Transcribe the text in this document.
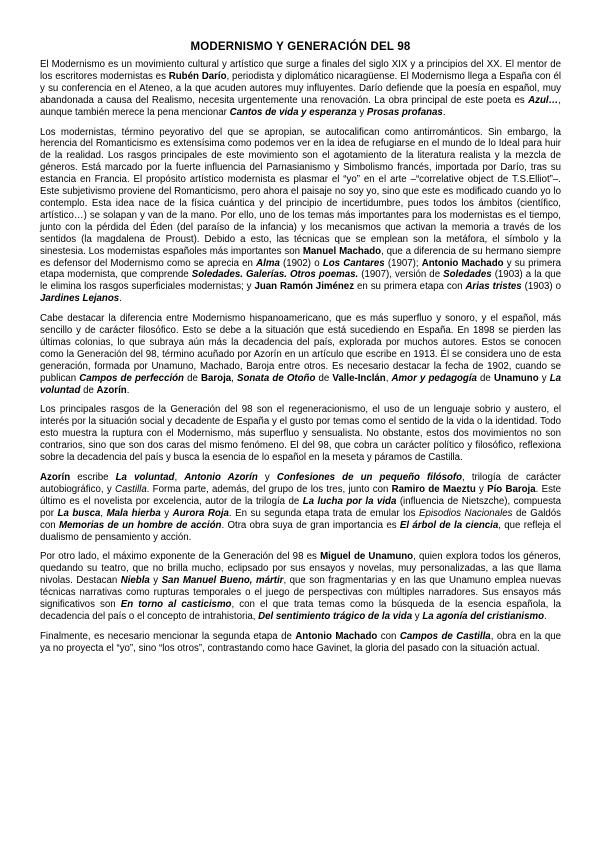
MODERNISMO Y GENERACIÓN DEL 98

El Modernismo es un movimiento cultural y artístico que surge a finales del siglo XIX y a principios del XX. El mentor de los escritores modernistas es Rubén Darío, periodista y diplomático nicaragüense. El Modernismo llega a España con él y su conferencia en el Ateneo, a la que acuden autores muy influyentes. Darío defiende que la poesía en español, muy abandonada a causa del Realismo, necesita urgentemente una renovación. La obra principal de este poeta es Azul…, aunque también merece la pena mencionar Cantos de vida y esperanza y Prosas profanas.

Los modernistas, término peyorativo del que se apropian, se autocalifican como antirrománticos. Sin embargo, la herencia del Romanticismo es extensísima como podemos ver en la idea de refugiarse en el mundo de lo Ideal para huir de la realidad. Los rasgos principales de este movimiento son el agotamiento de la literatura realista y la mezcla de géneros. Está marcado por la fuerte influencia del Parnasianismo y Simbolismo francés, importada por Darío, tras su estancia en Francia. El propósito artístico modernista es plasmar el “yo” en el arte –“correlative object de T.S.Elliot”–. Este subjetivismo proviene del Romanticismo, pero ahora el paisaje no soy yo, sino que este es modificado cuando yo lo contemplo. Esta idea nace de la física cuántica y del principio de incertidumbre, pues todos los ámbitos (científico, artístico…) se solapan y van de la mano. Por ello, uno de los temas más importantes para los modernistas es el tiempo, junto con la pérdida del Éden (del paraíso de la infancia) y los mecanismos que activan la memoria a través de los sentidos (la magdalena de Proust). Debido a esto, las técnicas que se emplean son la metáfora, el símbolo y la sinestesia. Los modernistas españoles más importantes son Manuel Machado, que a diferencia de su hermano siempre es defensor del Modernismo como se aprecia en Alma (1902) o Los Cantares (1907); Antonio Machado y su primera etapa modernista, que comprende Soledades. Galerías. Otros poemas. (1907), versión de Soledades (1903) a la que le elimina los rasgos superficiales modernistas; y Juan Ramón Jiménez en su primera etapa con Arias tristes (1903) o Jardines Lejanos.

Cabe destacar la diferencia entre Modernismo hispanoamericano, que es más superfluo y sonoro, y el español, más sencillo y de carácter filosófico. Esto se debe a la situación que está sucediendo en España. En 1898 se pierden las últimas colonias, lo que subraya aún más la decadencia del país, explorada por muchos autores. Estos se conocen como la Generación del 98, término acuñado por Azorín en un artículo que escribe en 1913. Él se considera uno de esta generación, formada por Unamuno, Machado, Baroja entre otros. Es necesario destacar la fecha de 1902, cuando se publican Campos de perfección de Baroja, Sonata de Otoño de Valle-Inclán, Amor y pedagogía de Unamuno y La voluntad de Azorín.

Los principales rasgos de la Generación del 98 son el regeneracionismo, el uso de un lenguaje sobrio y austero, el interés por la situación social y decadente de España y el gusto por temas como el sentido de la vida o la identidad. Todo esto muestra la ruptura con el Modernismo, más superfluo y sensualista. No obstante, estos dos movimientos no son contrarios, sino que son dos caras del mismo fenómeno. El del 98, que cobra un carácter político y filosófico, reflexiona sobre la decadencia del país y busca la esencia de lo español en la meseta y páramos de Castilla.

Azorín escribe La voluntad, Antonio Azorín y Confesiones de un pequeño filósofo, trilogía de carácter autobiográfico, y Castilla. Forma parte, además, del grupo de los tres, junto con Ramiro de Maeztu y Pío Baroja. Este último es el novelista por excelencia, autor de la trilogía de La lucha por la vida (influencia de Nietszche), compuesta por La busca, Mala hierba y Aurora Roja. En su segunda etapa trata de emular los Episodios Nacionales de Galdós con Memorias de un hombre de acción. Otra obra suya de gran importancia es El árbol de la ciencia, que refleja el dualismo de pensamiento y acción.

Por otro lado, el máximo exponente de la Generación del 98 es Miguel de Unamuno, quien explora todos los géneros, quedando su teatro, que no brilla mucho, eclipsado por sus ensayos y novelas, muy personalizadas, a las que llama nivolas. Destacan Niebla y San Manuel Bueno, mártir, que son fragmentarias y en las que Unamuno emplea nuevas técnicas narrativas como rupturas temporales o el juego de perspectivas con múltiples narradores. Sus ensayos más significativos son En torno al casticismo, con el que trata temas como la búsqueda de la esencia española, la decadencia del país o el concepto de intrahistoria, Del sentimiento trágico de la vida y La agonía del cristianismo.

Finalmente, es necesario mencionar la segunda etapa de Antonio Machado con Campos de Castilla, obra en la que ya no proyecta el “yo”, sino “los otros”, contrastando como hace Gavinet, la gloria del pasado con la situación actual.
